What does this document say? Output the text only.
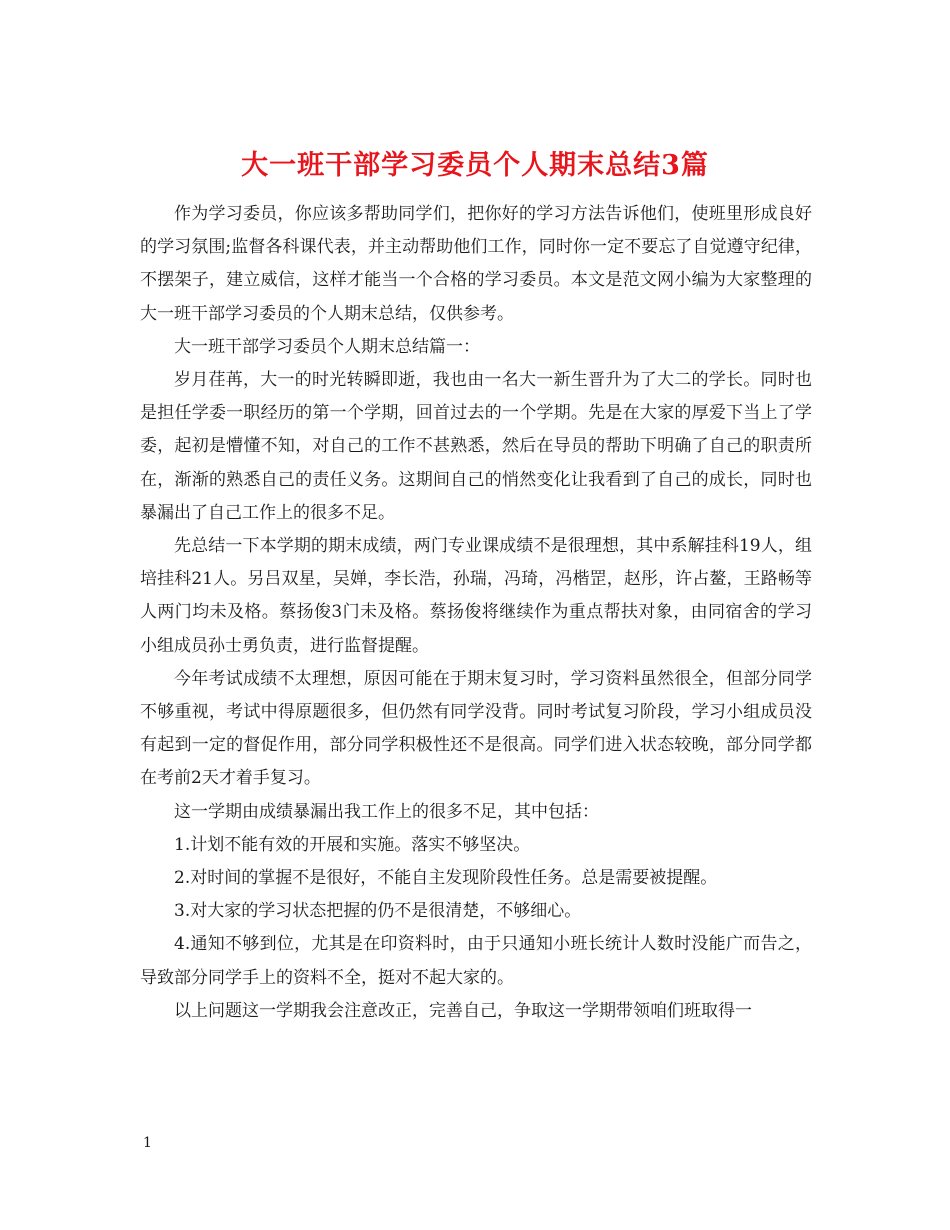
大一班干部学习委员个人期末总结3篇

作为学习委员，你应该多帮助同学们，把你好的学习方法告诉他们，使班里形成良好的学习氛围;监督各科课代表，并主动帮助他们工作，同时你一定不要忘了自觉遵守纪律，不摆架子，建立威信，这样才能当一个合格的学习委员。本文是范文网小编为大家整理的大一班干部学习委员的个人期末总结，仅供参考。

大一班干部学习委员个人期末总结篇一：

岁月荏苒，大一的时光转瞬即逝，我也由一名大一新生晋升为了大二的学长。同时也是担任学委一职经历的第一个学期，回首过去的一个学期。先是在大家的厚爱下当上了学委，起初是懵懂不知，对自己的工作不甚熟悉，然后在导员的帮助下明确了自己的职责所在，渐渐的熟悉自己的责任义务。这期间自己的悄然变化让我看到了自己的成长，同时也暴漏出了自己工作上的很多不足。

先总结一下本学期的期末成绩，两门专业课成绩不是很理想，其中系解挂科19人，组培挂科21人。另吕双星，吴婵，李长浩，孙瑞，冯琦，冯楷罡，赵彤，许占鳌，王路畅等人两门均未及格。蔡扬俊3门未及格。蔡扬俊将继续作为重点帮扶对象，由同宿舍的学习小组成员孙士勇负责，进行监督提醒。

今年考试成绩不太理想，原因可能在于期末复习时，学习资料虽然很全，但部分同学不够重视，考试中得原题很多，但仍然有同学没背。同时考试复习阶段，学习小组成员没有起到一定的督促作用，部分同学积极性还不是很高。同学们进入状态较晚，部分同学都在考前2天才着手复习。

这一学期由成绩暴漏出我工作上的很多不足，其中包括：

1.计划不能有效的开展和实施。落实不够坚决。

2.对时间的掌握不是很好，不能自主发现阶段性任务。总是需要被提醒。

3.对大家的学习状态把握的仍不是很清楚，不够细心。

4.通知不够到位，尤其是在印资料时，由于只通知小班长统计人数时没能广而告之，导致部分同学手上的资料不全，挺对不起大家的。

以上问题这一学期我会注意改正，完善自己，争取这一学期带领咱们班取得一

1
